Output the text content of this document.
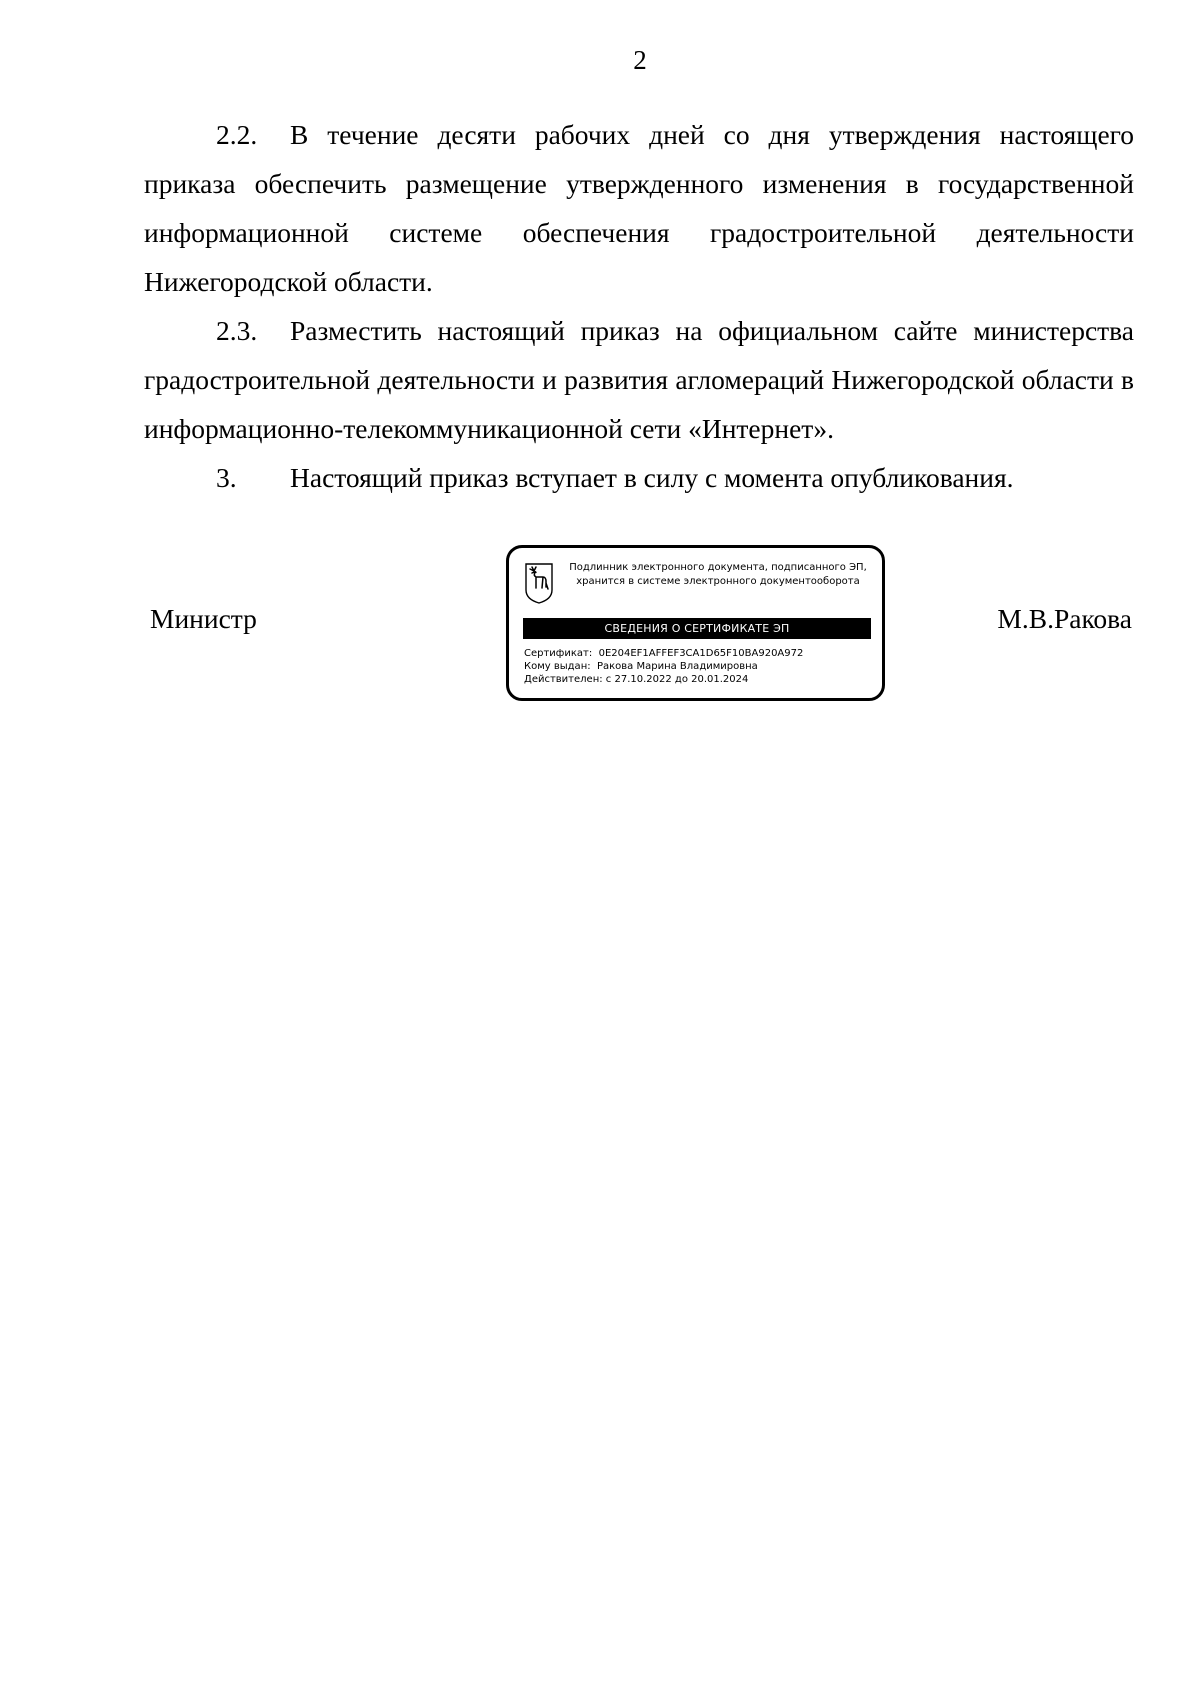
2

2.2. В течение десяти рабочих дней со дня утверждения настоящего приказа обеспечить размещение утвержденного изменения в государственной информационной системе обеспечения градостроительной деятельности Нижегородской области.

2.3. Разместить настоящий приказ на официальном сайте министерства градостроительной деятельности и развития агломераций Нижегородской области в информационно-телекоммуникационной сети «Интернет».

3. Настоящий приказ вступает в силу с момента опубликования.

Министр
Подлинник электронного документа, подписанного ЭП,
хранится в системе электронного документооборота
СВЕДЕНИЯ О СЕРТИФИКАТЕ ЭП
Сертификат: 0E204EF1AFFEF3CA1D65F10BA920A972
Кому выдан: Ракова Марина Владимировна
Действителен: с 27.10.2022 до 20.01.2024
М.В.Ракова
